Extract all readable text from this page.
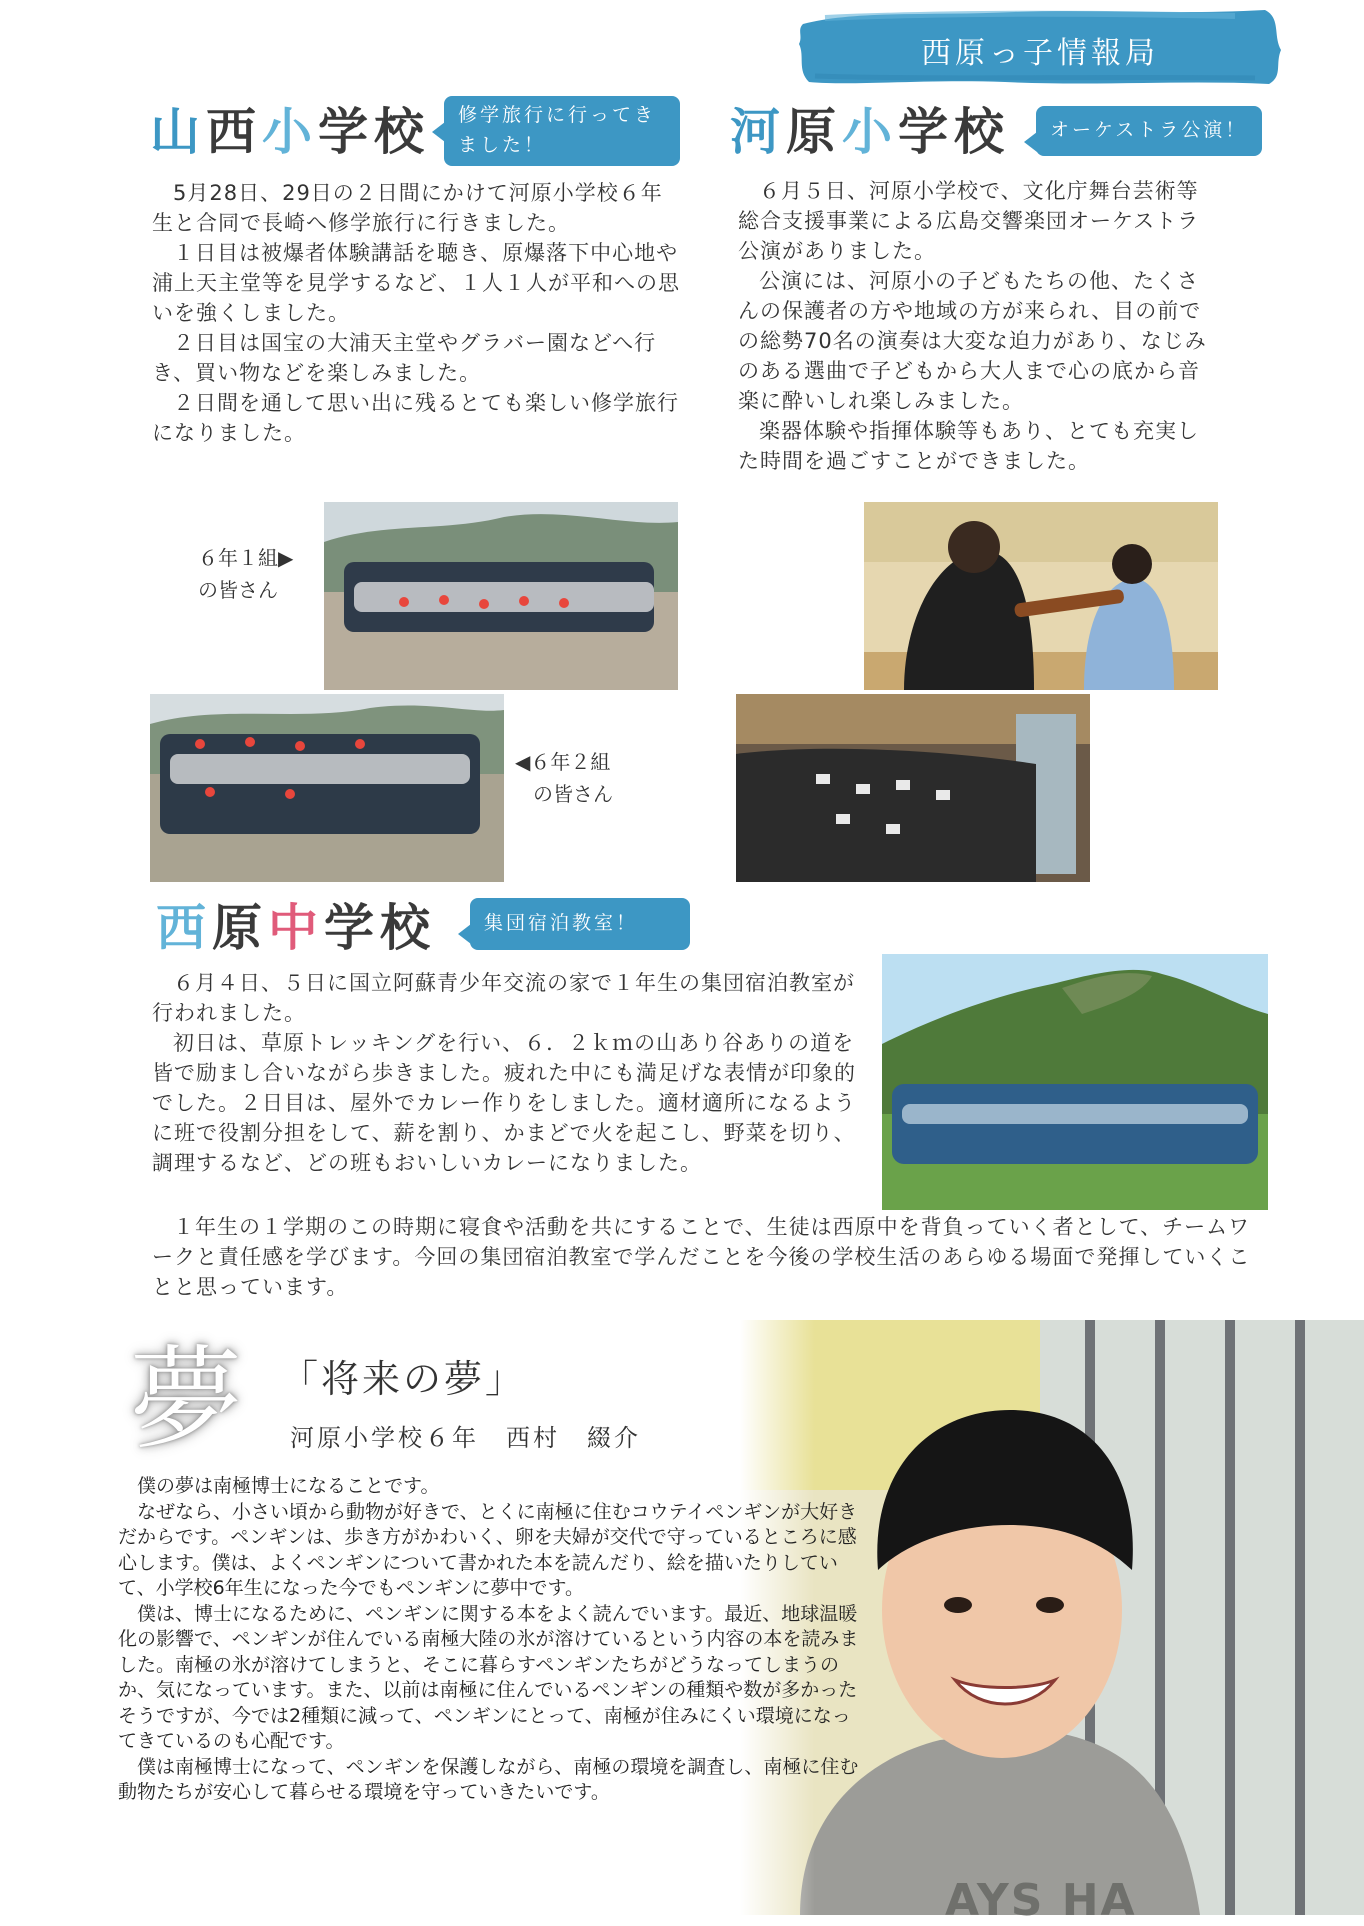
西原っ子情報局
山西小学校	修学旅行に行ってきました！

5月28日、29日の２日間にかけて河原小学校６年生と合同で長崎へ修学旅行に行きました。

１日目は被爆者体験講話を聴き、原爆落下中心地や浦上天主堂等を見学するなど、１人１人が平和への思いを強くしました。

２日目は国宝の大浦天主堂やグラバー園などへ行き、買い物などを楽しみました。

２日間を通して思い出に残るとても楽しい修学旅行になりました。

６年１組▶
の皆さん
◀６年２組
の皆さん
河原小学校	オーケストラ公演！

６月５日、河原小学校で、文化庁舞台芸術等総合支援事業による広島交響楽団オーケストラ公演がありました。

公演には、河原小の子どもたちの他、たくさんの保護者の方や地域の方が来られ、目の前での総勢70名の演奏は大変な迫力があり、なじみのある選曲で子どもから大人まで心の底から音楽に酔いしれ楽しみました。

楽器体験や指揮体験等もあり、とても充実した時間を過ごすことができました。

西原中学校	集団宿泊教室！

６月４日、５日に国立阿蘇青少年交流の家で１年生の集団宿泊教室が行われました。

初日は、草原トレッキングを行い、６．２ｋｍの山あり谷ありの道を皆で励まし合いながら歩きました。疲れた中にも満足げな表情が印象的でした。２日目は、屋外でカレー作りをしました。適材適所になるように班で役割分担をして、薪を割り、かまどで火を起こし、野菜を切り、調理するなど、どの班もおいしいカレーになりました。

１年生の１学期のこの時期に寝食や活動を共にすることで、生徒は西原中を背負っていく者として、チームワークと責任感を学びます。今回の集団宿泊教室で学んだことを今後の学校生活のあらゆる場面で発揮していくことと思っています。

AYS HA
夢	「将来の夢」
河原小学校６年　西村　綴介

僕の夢は南極博士になることです。

なぜなら、小さい頃から動物が好きで、とくに南極に住むコウテイペンギンが大好きだからです。ペンギンは、歩き方がかわいく、卵を夫婦が交代で守っているところに感心します。僕は、よくペンギンについて書かれた本を読んだり、絵を描いたりしていて、小学校6年生になった今でもペンギンに夢中です。

僕は、博士になるために、ペンギンに関する本をよく読んでいます。最近、地球温暖化の影響で、ペンギンが住んでいる南極大陸の氷が溶けているという内容の本を読みました。南極の氷が溶けてしまうと、そこに暮らすペンギンたちがどうなってしまうのか、気になっています。また、以前は南極に住んでいるペンギンの種類や数が多かったそうですが、今では2種類に減って、ペンギンにとって、南極が住みにくい環境になってきているのも心配です。

僕は南極博士になって、ペンギンを保護しながら、南極の環境を調査し、南極に住む動物たちが安心して暮らせる環境を守っていきたいです。
